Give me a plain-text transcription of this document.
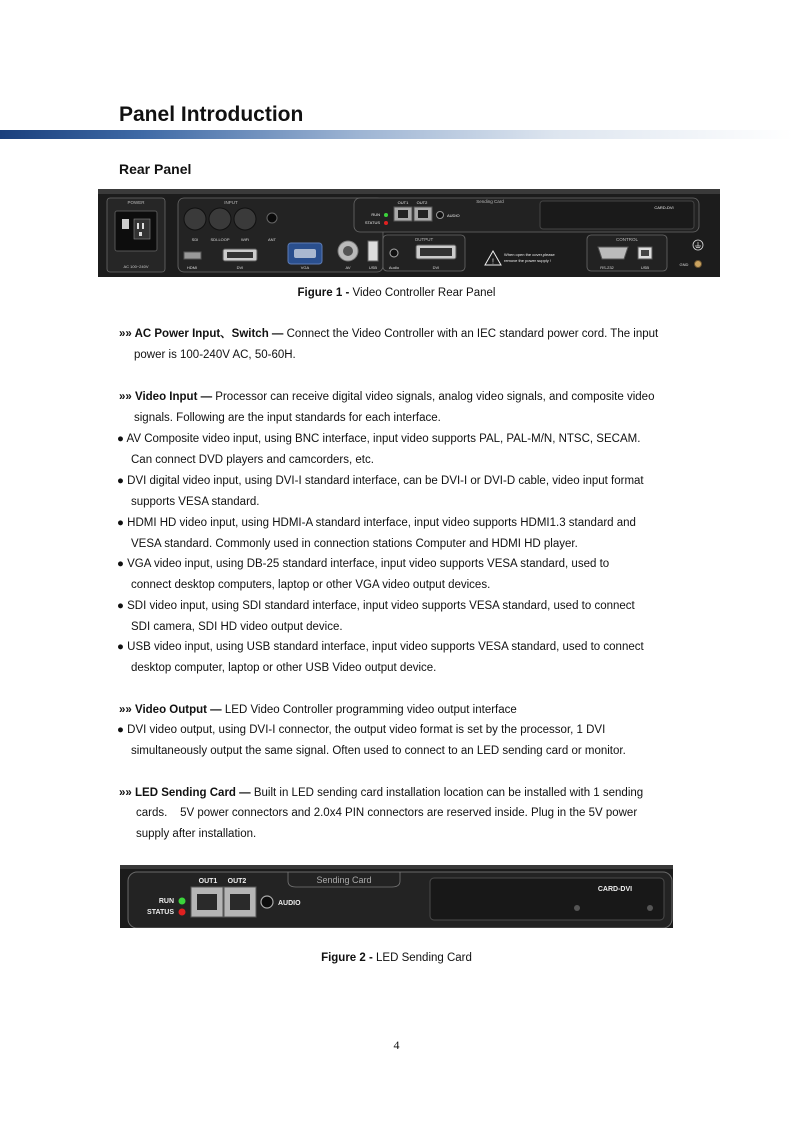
Panel Introduction
Rear Panel
POWER
AC 100~240V
INPUT
SDI	SDI-LOOP	WiFi	ANT
HDMI	DVI	VGA	AV	USB
Sending Card
OUT1 OUT2
RUN
STATUS
AUDIO
CARD-DVI
OUTPUT
Audio	DVI
!
When open the cover,please
remove the power supply !
CONTROL
RS-232	USB
GND
Figure 1 - Video Controller Rear Panel

»» AC Power Input、Switch — Connect the Video Controller with an IEC standard power cord. The input

power is 100-240V AC, 50-60H.

»» Video Input — Processor can receive digital video signals, analog video signals, and composite video

signals. Following are the input standards for each interface.

● AV Composite video input, using BNC interface, input video supports PAL, PAL-M/N, NTSC, SECAM.

Can connect DVD players and camcorders, etc.

● DVI digital video input, using DVI-I standard interface, can be DVI-I or DVI-D cable, video input format

supports VESA standard.

● HDMI HD video input, using HDMI-A standard interface, input video supports HDMI1.3 standard and

VESA standard. Commonly used in connection stations Computer and HDMI HD player.

● VGA video input, using DB-25 standard interface, input video supports VESA standard, used to

connect desktop computers, laptop or other VGA video output devices.

● SDI video input, using SDI standard interface, input video supports VESA standard, used to connect

SDI camera, SDI HD video output device.

● USB video input, using USB standard interface, input video supports VESA standard, used to connect

desktop computer, laptop or other USB Video output device.

»» Video Output — LED Video Controller programming video output interface

● DVI video output, using DVI-I connector, the output video format is set by the processor, 1 DVI

simultaneously output the same signal. Often used to connect to an LED sending card or monitor.

»» LED Sending Card — Built in LED sending card installation location can be installed with 1 sending

cards.    5V power connectors and 2.0x4 PIN connectors are reserved inside. Plug in the 5V power

supply after installation.

Sending Card
OUT1 OUT2
RUN
STATUS
AUDIO
CARD-DVI
Figure 2 - LED Sending Card
4
